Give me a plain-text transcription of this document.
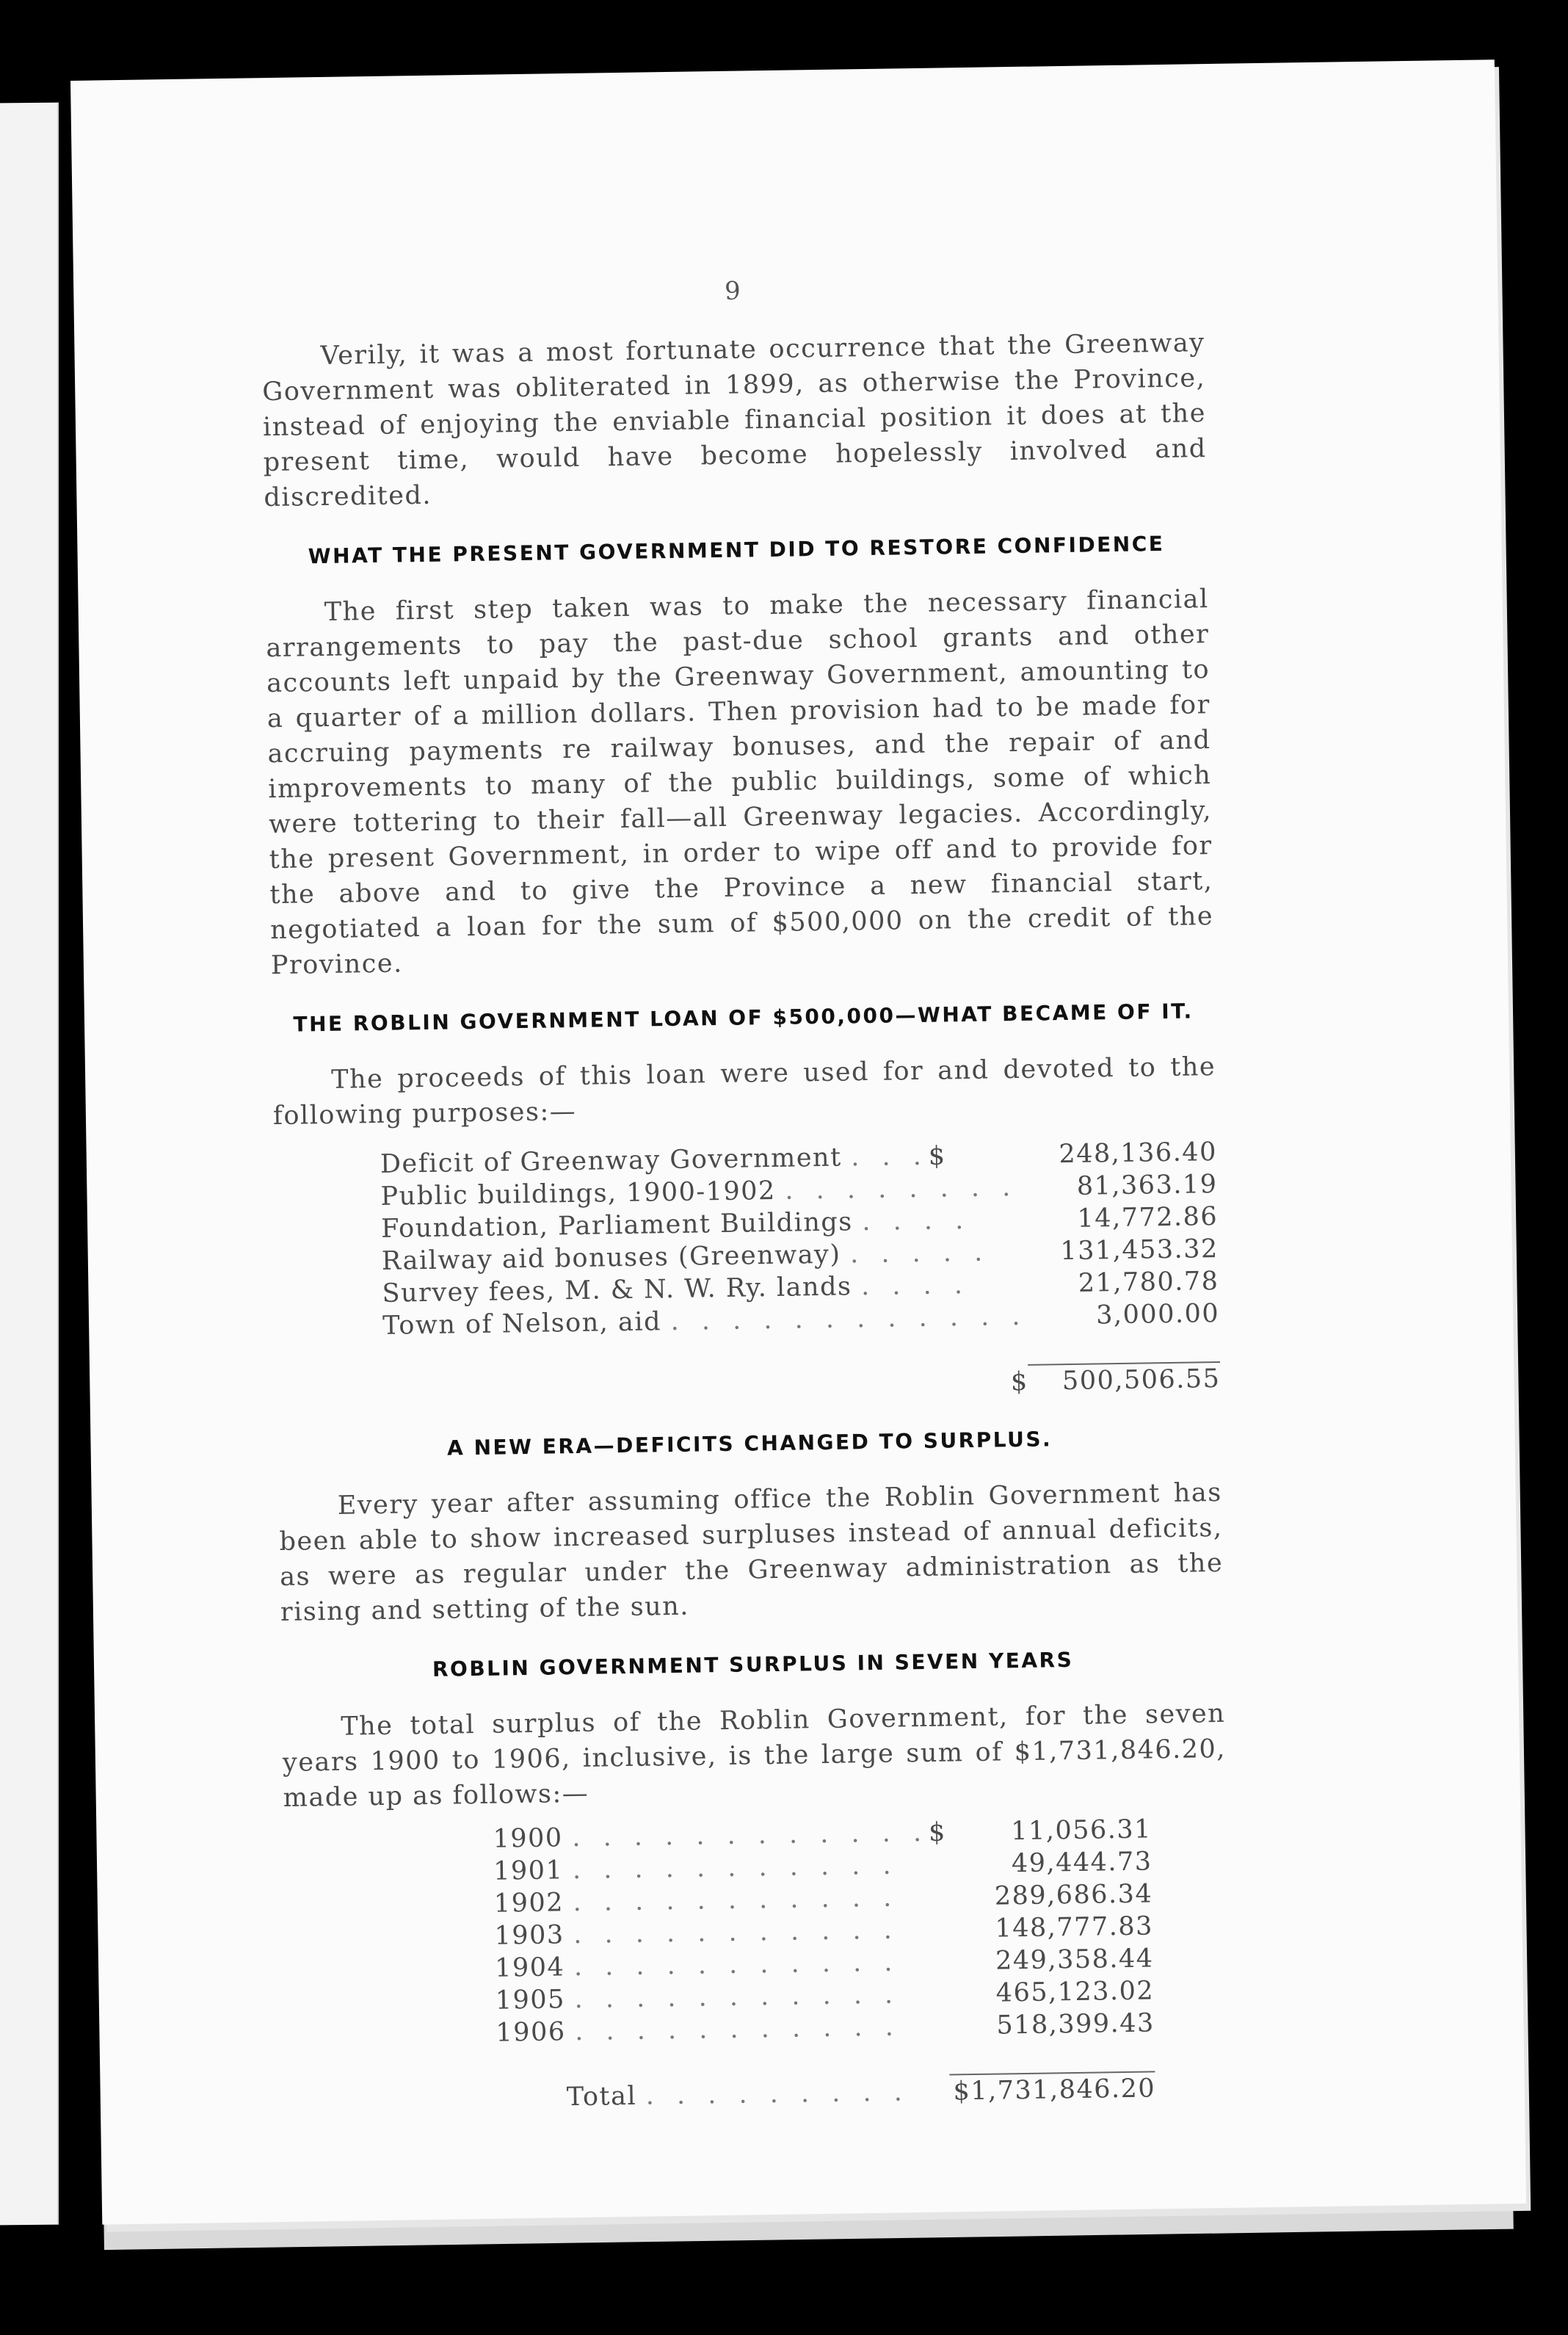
9

Verily, it was a most fortunate occurrence that the Greenway Government was obliterated in 1899, as otherwise the Province, instead of enjoying the enviable financial position it does at the present time, would have become hopelessly involved and discredited.

WHAT THE PRESENT GOVERNMENT DID TO RESTORE CONFIDENCE

The first step taken was to make the necessary financial arrangements to pay the past-due school grants and other accounts left unpaid by the Greenway Government, amounting to a quarter of a million dollars. Then provision had to be made for accruing payments re railway bonuses, and the repair of and improvements to many of the public buildings, some of which were tottering to their fall—all Greenway legacies. Accordingly, the present Government, in order to wipe off and to provide for the above and to give the Province a new financial start, negotiated a loan for the sum of $500,000 on the credit of the Province.

THE ROBLIN GOVERNMENT LOAN OF $500,000—WHAT BECAME OF IT.

The proceeds of this loan were used for and devoted to the following purposes:—

Deficit of Greenway Government . . .$	248,136.40
Public buildings, 1900-1902 . . . . . . . .	81,363.19
Foundation, Parliament Buildings . . . .	14,772.86
Railway aid bonuses (Greenway) . . . . .	131,453.32
Survey fees, M. & N. W. Ry. lands . . . .	21,780.78
Town of Nelson, aid . . . . . . . . . . . .	3,000.00

$	500,506.55
A NEW ERA—DEFICITS CHANGED TO SURPLUS.

Every year after assuming office the Roblin Government has been able to show increased surpluses instead of annual deficits, as were as regular under the Greenway administration as the rising and setting of the sun.

ROBLIN GOVERNMENT SURPLUS IN SEVEN YEARS

The total surplus of the Roblin Government, for the seven years 1900 to 1906, inclusive, is the large sum of $1,731,846.20, made up as follows:—

1900 . . . . . . . . . . . .$	11,056.31
1901 . . . . . . . . . . .	49,444.73
1902 . . . . . . . . . . .	289,686.34
1903 . . . . . . . . . . .	148,777.83
1904 . . . . . . . . . . .	249,358.44
1905 . . . . . . . . . . .	465,123.02
1906 . . . . . . . . . . .	518,399.43

Total . . . . . . . . .	$1,731,846.20
